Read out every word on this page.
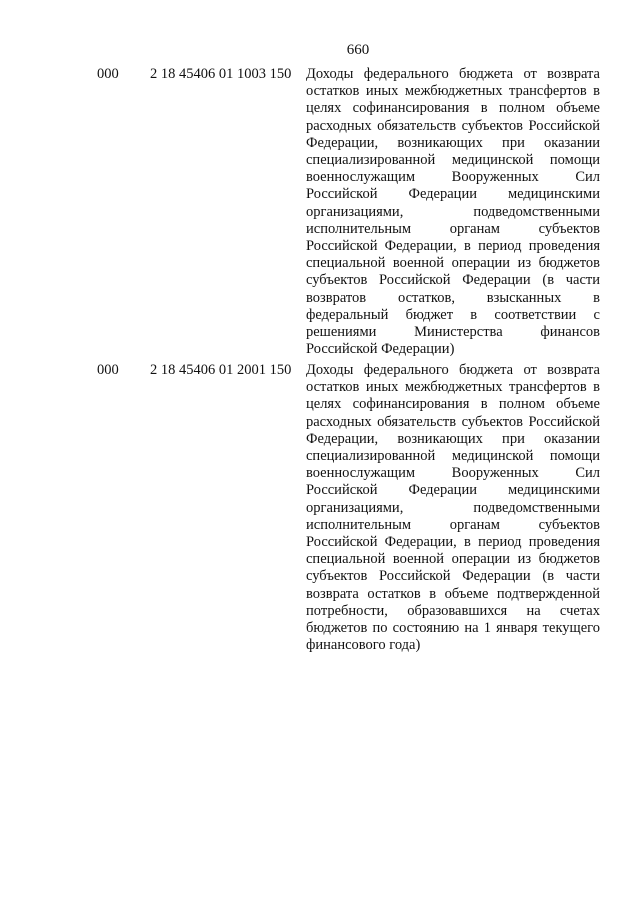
660
000 2 18 45406 01 1003 150 Доходы федерального бюджета от возврата остатков иных межбюджетных трансфертов в целях софинансирования в полном объеме расходных обязательств субъектов Российской Федерации, возникающих при оказании специализированной медицинской помощи военнослужащим Вооруженных Сил Российской Федерации медицинскими организациями, подведомственными исполнительным органам субъектов Российской Федерации, в период проведения специальной военной операции из бюджетов субъектов Российской Федерации (в части возвратов остатков, взысканных в федеральный бюджет в соответствии с решениями Министерства финансов Российской Федерации)
000 2 18 45406 01 2001 150 Доходы федерального бюджета от возврата остатков иных межбюджетных трансфертов в целях софинансирования в полном объеме расходных обязательств субъектов Российской Федерации, возникающих при оказании специализированной медицинской помощи военнослужащим Вооруженных Сил Российской Федерации медицинскими организациями, подведомственными исполнительным органам субъектов Российской Федерации, в период проведения специальной военной операции из бюджетов субъектов Российской Федерации (в части возврата остатков в объеме подтвержденной потребности, образовавшихся на счетах бюджетов по состоянию на 1 января текущего финансового года)
